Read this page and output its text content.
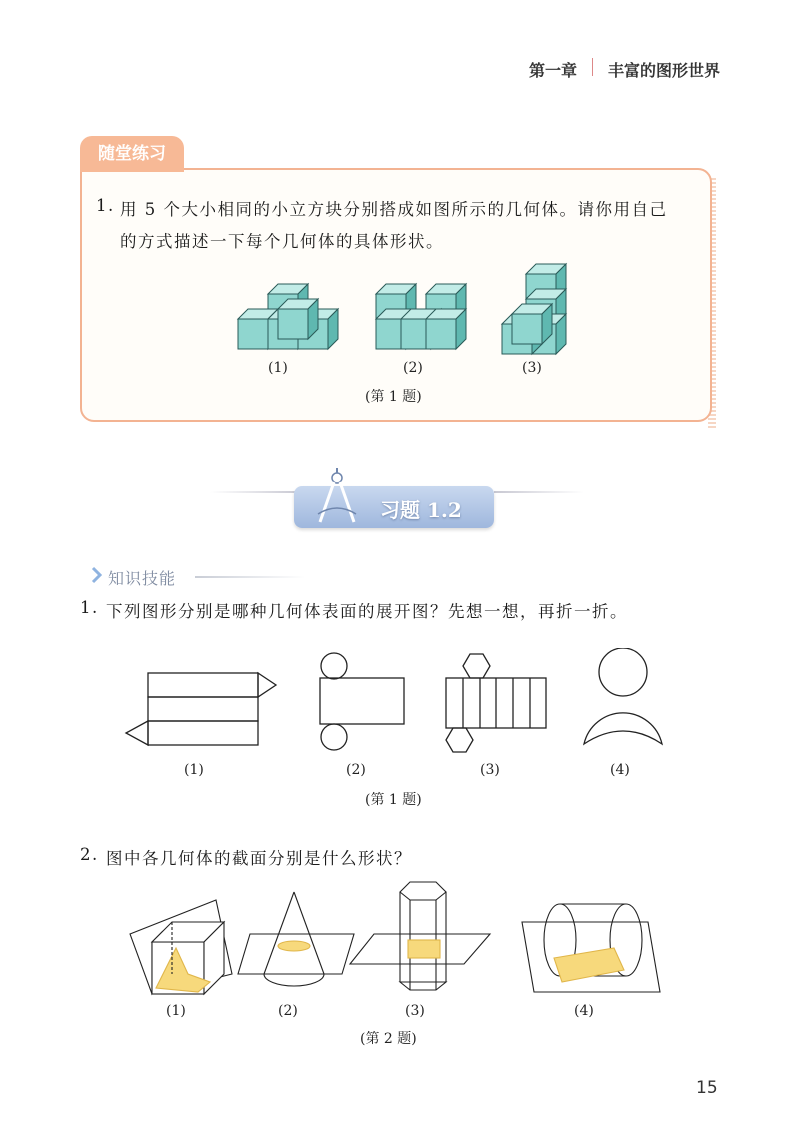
第一章 丰富的图形世界
随堂练习
1. 用 5 个大小相同的小立方块分别搭成如图所示的几何体。请你用自己
的方式描述一下每个几何体的具体形状。
(1)	(2)	(3)
(第 1 题)
习题 1.2
知识技能
1. 下列图形分别是哪种几何体表面的展开图？先想一想，再折一折。
(1)	(2)	(3)	(4)
(第 1 题)
2. 图中各几何体的截面分别是什么形状？
(1)	(2)	(3)	(4)
(第 2 题)
15
